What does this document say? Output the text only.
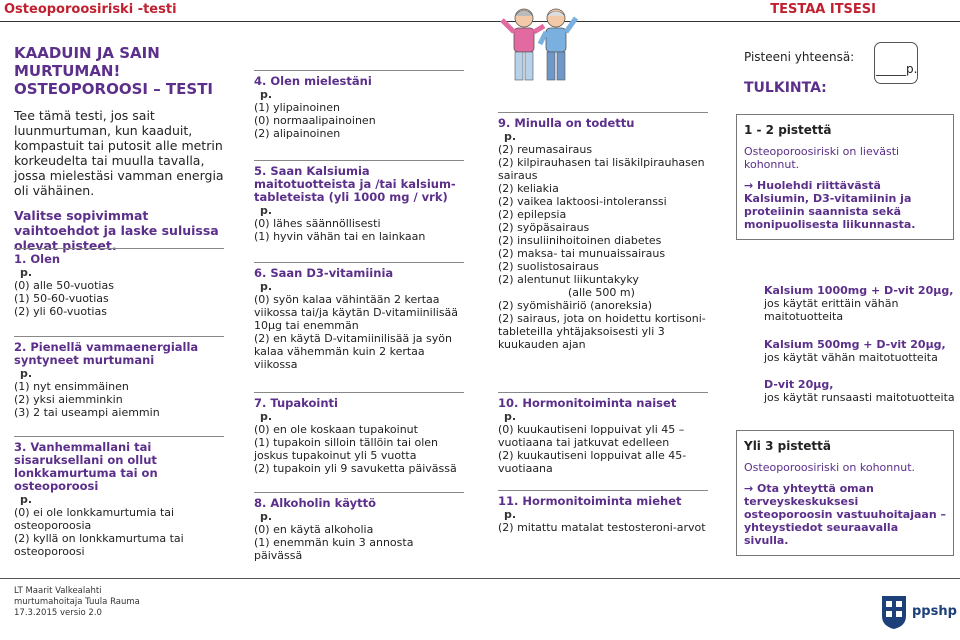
Osteoporoosiriski -testi	TESTAA ITSESI
KAADUIN JA SAIN MURTUMAN!
OSTEOPOROOSI – TESTI
Tee tämä testi, jos sait luunmurtuman, kun kaaduit, kompastuit tai putosit alle metrin korkeudelta tai muulla tavalla, jossa mielestäsi vamman energia oli vähäinen.
Valitse sopivimmat vaihtoehdot ja laske suluissa olevat pisteet.
1. Olen
p.
(0) alle 50-vuotias
(1) 50-60-vuotias
(2) yli 60-vuotias
2. Pienellä vammaenergialla syntyneet murtumani
p.
(1) nyt ensimmäinen
(2) yksi aiemminkin
(3) 2 tai useampi aiemmin
3. Vanhemmallani tai sisaruksellani on ollut lonkkamurtuma tai on osteoporoosi
p.
(0) ei ole lonkkamurtumia tai osteoporoosia
(2) kyllä on lonkkamurtuma tai osteoporoosi
4. Olen mielestäni
p.
(1) ylipainoinen
(0) normaalipainoinen
(2) alipainoinen
5. Saan Kalsiumia maitotuotteista ja /tai kalsium-tableteista (yli 1000 mg / vrk)
p.
(0) lähes säännöllisesti
(1) hyvin vähän tai en lainkaan
6. Saan D3-vitamiinia
p.
(0) syön kalaa vähintään 2 kertaa viikossa tai/ja käytän D-vitamiinilisää 10μg tai enemmän
(2) en käytä D-vitamiinilisää ja syön kalaa vähemmän kuin 2 kertaa viikossa
7. Tupakointi
p.
(0) en ole koskaan tupakoinut
(1) tupakoin silloin tällöin tai olen joskus tupakoinut yli 5 vuotta
(2) tupakoin yli 9 savuketta päivässä
8. Alkoholin käyttö
p.
(0) en käytä alkoholia
(1) enemmän kuin 3 annosta päivässä
9. Minulla on todettu
p.
(2) reumasairaus
(2) kilpirauhasen tai lisäkilpirauhasen sairaus
(2) keliakia
(2) vaikea laktoosi-intoleranssi
(2) epilepsia
(2) syöpäsairaus
(2) insuliinihoitoinen diabetes
(2) maksa- tai munuaissairaus
(2) suolistosairaus
(2) alentunut liikuntakyky
(alle 500 m)
(2) syömishäiriö (anoreksia)
(2) sairaus, jota on hoidettu kortisoni-tableteilla yhtäjaksoisesti yli 3 kuukauden ajan
10. Hormonitoiminta naiset
p.
(0) kuukautiseni loppuivat yli 45 – vuotiaana tai jatkuvat edelleen
(2) kuukautiseni loppuivat alle 45-vuotiaana
11. Hormonitoiminta miehet
p.
(2) mitattu matalat testosteroni-arvot
Pisteeni yhteensä:
_____p.
TULKINTA:
1 - 2 pistettä
Osteoporoosiriski on lievästi kohonnut.
→ Huolehdi riittävästä Kalsiumin, D3-vitamiinin ja proteiinin saannista sekä monipuolisesta liikunnasta.
Kalsium 1000mg + D-vit 20μg,
jos käytät erittäin vähän maitotuotteita
Kalsium 500mg + D-vit 20μg,
jos käytät vähän maitotuotteita
D-vit 20μg,
jos käytät runsaasti maitotuotteita
Yli 3 pistettä
Osteoporoosiriski on kohonnut.
→ Ota yhteyttä oman terveyskeskuksesi osteoporoosin vastuuhoitajaan – yhteystiedot seuraavalla sivulla.
LT Maarit Valkealahti
murtumahoitaja Tuula Rauma
17.3.2015 versio 2.0	ppshp
